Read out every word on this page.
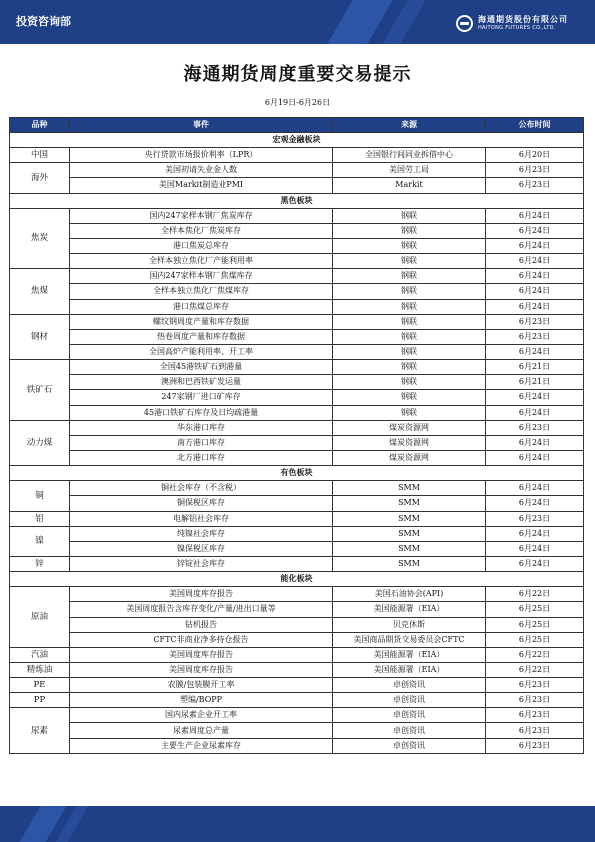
投资咨询部	海通期货股份有限公司
HAITONG FUTURES CO.,LTD.
海通期货周度重要交易提示
6月19日-6月26日
品种	事件	来源	公布时间
宏观金融板块			
中国	央行贷款市场报价利率（LPR）	全国银行间同业拆借中心	6月20日
海外	美国初请失业金人数	美国劳工局	6月23日
	美国Markit制造业PMI	Markit	6月23日
黑色板块			
焦炭	国内247家样本钢厂焦炭库存	钢联	6月24日
	全样本焦化厂焦炭库存	钢联	6月24日
	港口焦炭总库存	钢联	6月24日
	全样本独立焦化厂产能利用率	钢联	6月24日
焦煤	国内247家样本钢厂焦煤库存	钢联	6月24日
	全样本独立焦化厂焦煤库存	钢联	6月24日
	港口焦煤总库存	钢联	6月24日
钢材	螺纹钢周度产量和库存数据	钢联	6月23日
	热卷周度产量和库存数据	钢联	6月23日
	全国高炉产能利用率、开工率	钢联	6月24日
铁矿石	全国45港铁矿石到港量	钢联	6月21日
	澳洲和巴西铁矿发运量	钢联	6月21日
	247家钢厂进口矿库存	钢联	6月24日
	45港口铁矿石库存及日均疏港量	钢联	6月24日
动力煤	华东港口库存	煤炭资源网	6月23日
	南方港口库存	煤炭资源网	6月24日
	北方港口库存	煤炭资源网	6月24日
有色板块			
铜	铜社会库存（不含税）	SMM	6月24日
	铜保税区库存	SMM	6月24日
铝	电解铝社会库存	SMM	6月23日
镍	纯镍社会库存	SMM	6月24日
	镍保税区库存	SMM	6月24日
锌	锌锭社会库存	SMM	6月24日
能化板块			
原油	美国周度库存报告	美国石油协会(API)	6月22日
	美国周度报告含库存变化/产量/进出口量等	美国能源署（EIA）	6月25日
	钻机报告	贝克休斯	6月25日
	CFTC非商业净多持仓报告	美国商品期货交易委员会CFTC	6月25日
汽油	美国周度库存报告	美国能源署（EIA）	6月22日
精炼油	美国周度库存报告	美国能源署（EIA）	6月22日
PE	农膜/包装膜开工率	卓创资讯	6月23日
PP	塑编/BOPP	卓创资讯	6月23日
尿素	国内尿素企业开工率	卓创资讯	6月23日
	尿素周度总产量	卓创资讯	6月23日
	主要生产企业尿素库存	卓创资讯	6月23日
